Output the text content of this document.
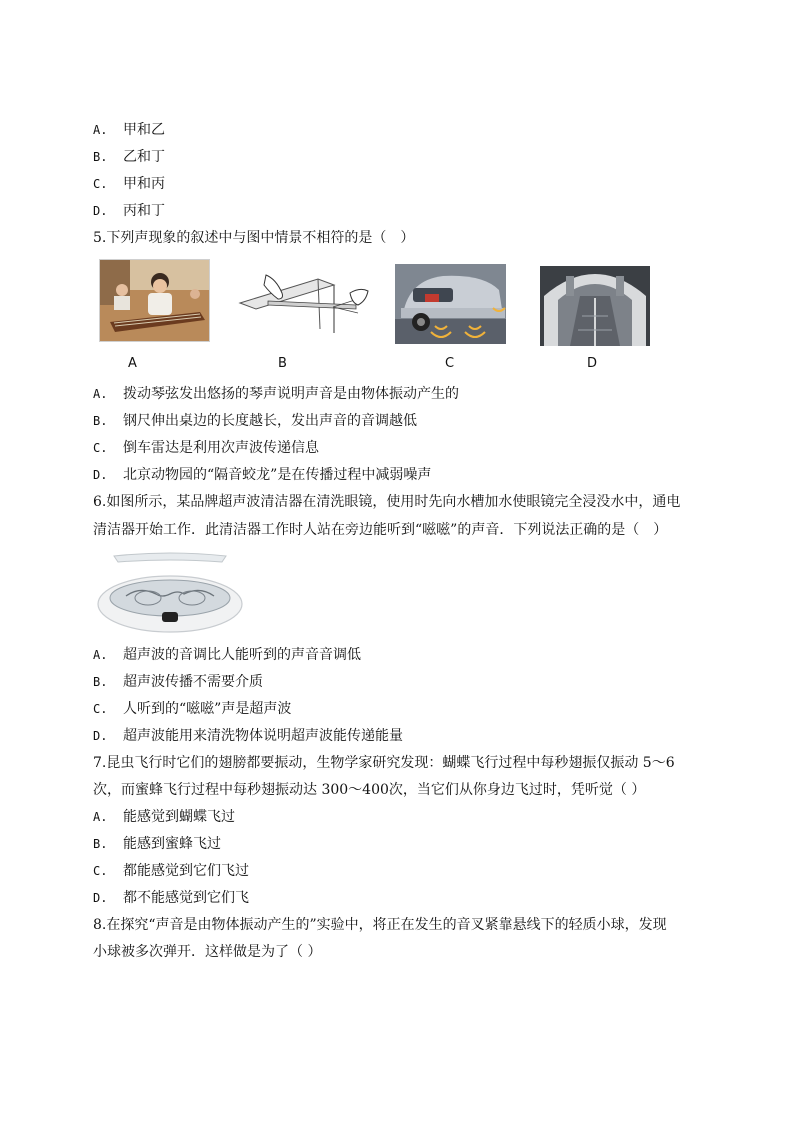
A. 甲和乙
B. 乙和丁
C. 甲和丙
D. 丙和丁
5.下列声现象的叙述中与图中情景不相符的是（　）
A	B	C	D
A. 拨动琴弦发出悠扬的琴声说明声音是由物体振动产生的
B. 钢尺伸出桌边的长度越长，发出声音的音调越低
C. 倒车雷达是利用次声波传递信息
D. 北京动物园的“隔音蛟龙”是在传播过程中减弱噪声
6.如图所示，某品牌超声波清洁器在清洗眼镜，使用时先向水槽加水使眼镜完全浸没水中，通电
清洁器开始工作．此清洁器工作时人站在旁边能听到“嗞嗞”的声音．下列说法正确的是（　）
A. 超声波的音调比人能听到的声音音调低
B. 超声波传播不需要介质
C. 人听到的“嗞嗞”声是超声波
D. 超声波能用来清洗物体说明超声波能传递能量
7.昆虫飞行时它们的翅膀都要振动，生物学家研究发现：蝴蝶飞行过程中每秒翅振仅振动 5～6
次，而蜜蜂飞行过程中每秒翅振动达 300～400次，当它们从你身边飞过时，凭听觉（ ）
A. 能感觉到蝴蝶飞过
B. 能感到蜜蜂飞过
C. 都能感觉到它们飞过
D. 都不能感觉到它们飞
8.在探究“声音是由物体振动产生的”实验中，将正在发生的音叉紧靠悬线下的轻质小球，发现
小球被多次弹开．这样做是为了（ ）
